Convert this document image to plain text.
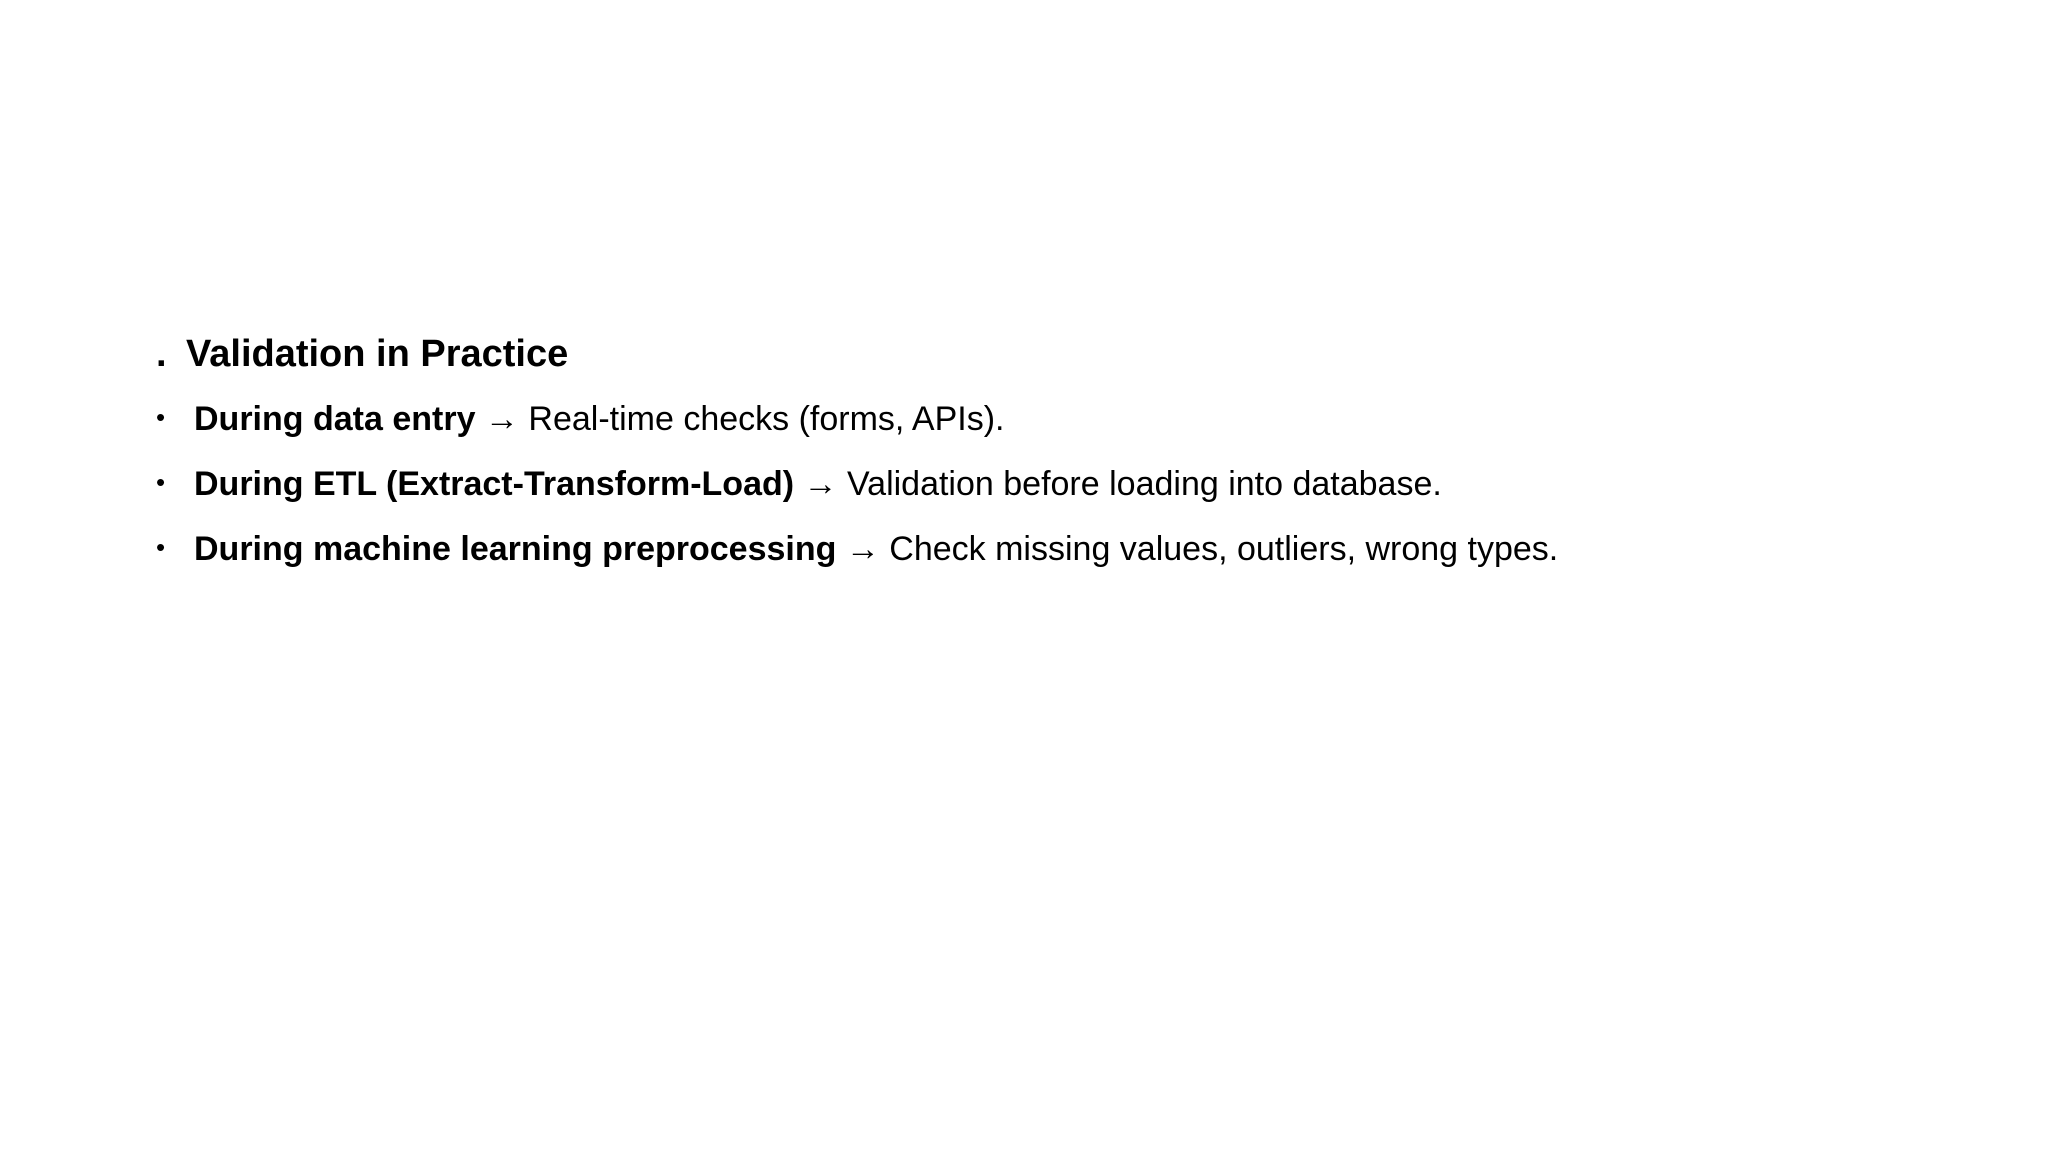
. Validation in Practice
• During data entry → Real-time checks (forms, APIs).
• During ETL (Extract-Transform-Load) → Validation before loading into database.
• During machine learning preprocessing → Check missing values, outliers, wrong types.
